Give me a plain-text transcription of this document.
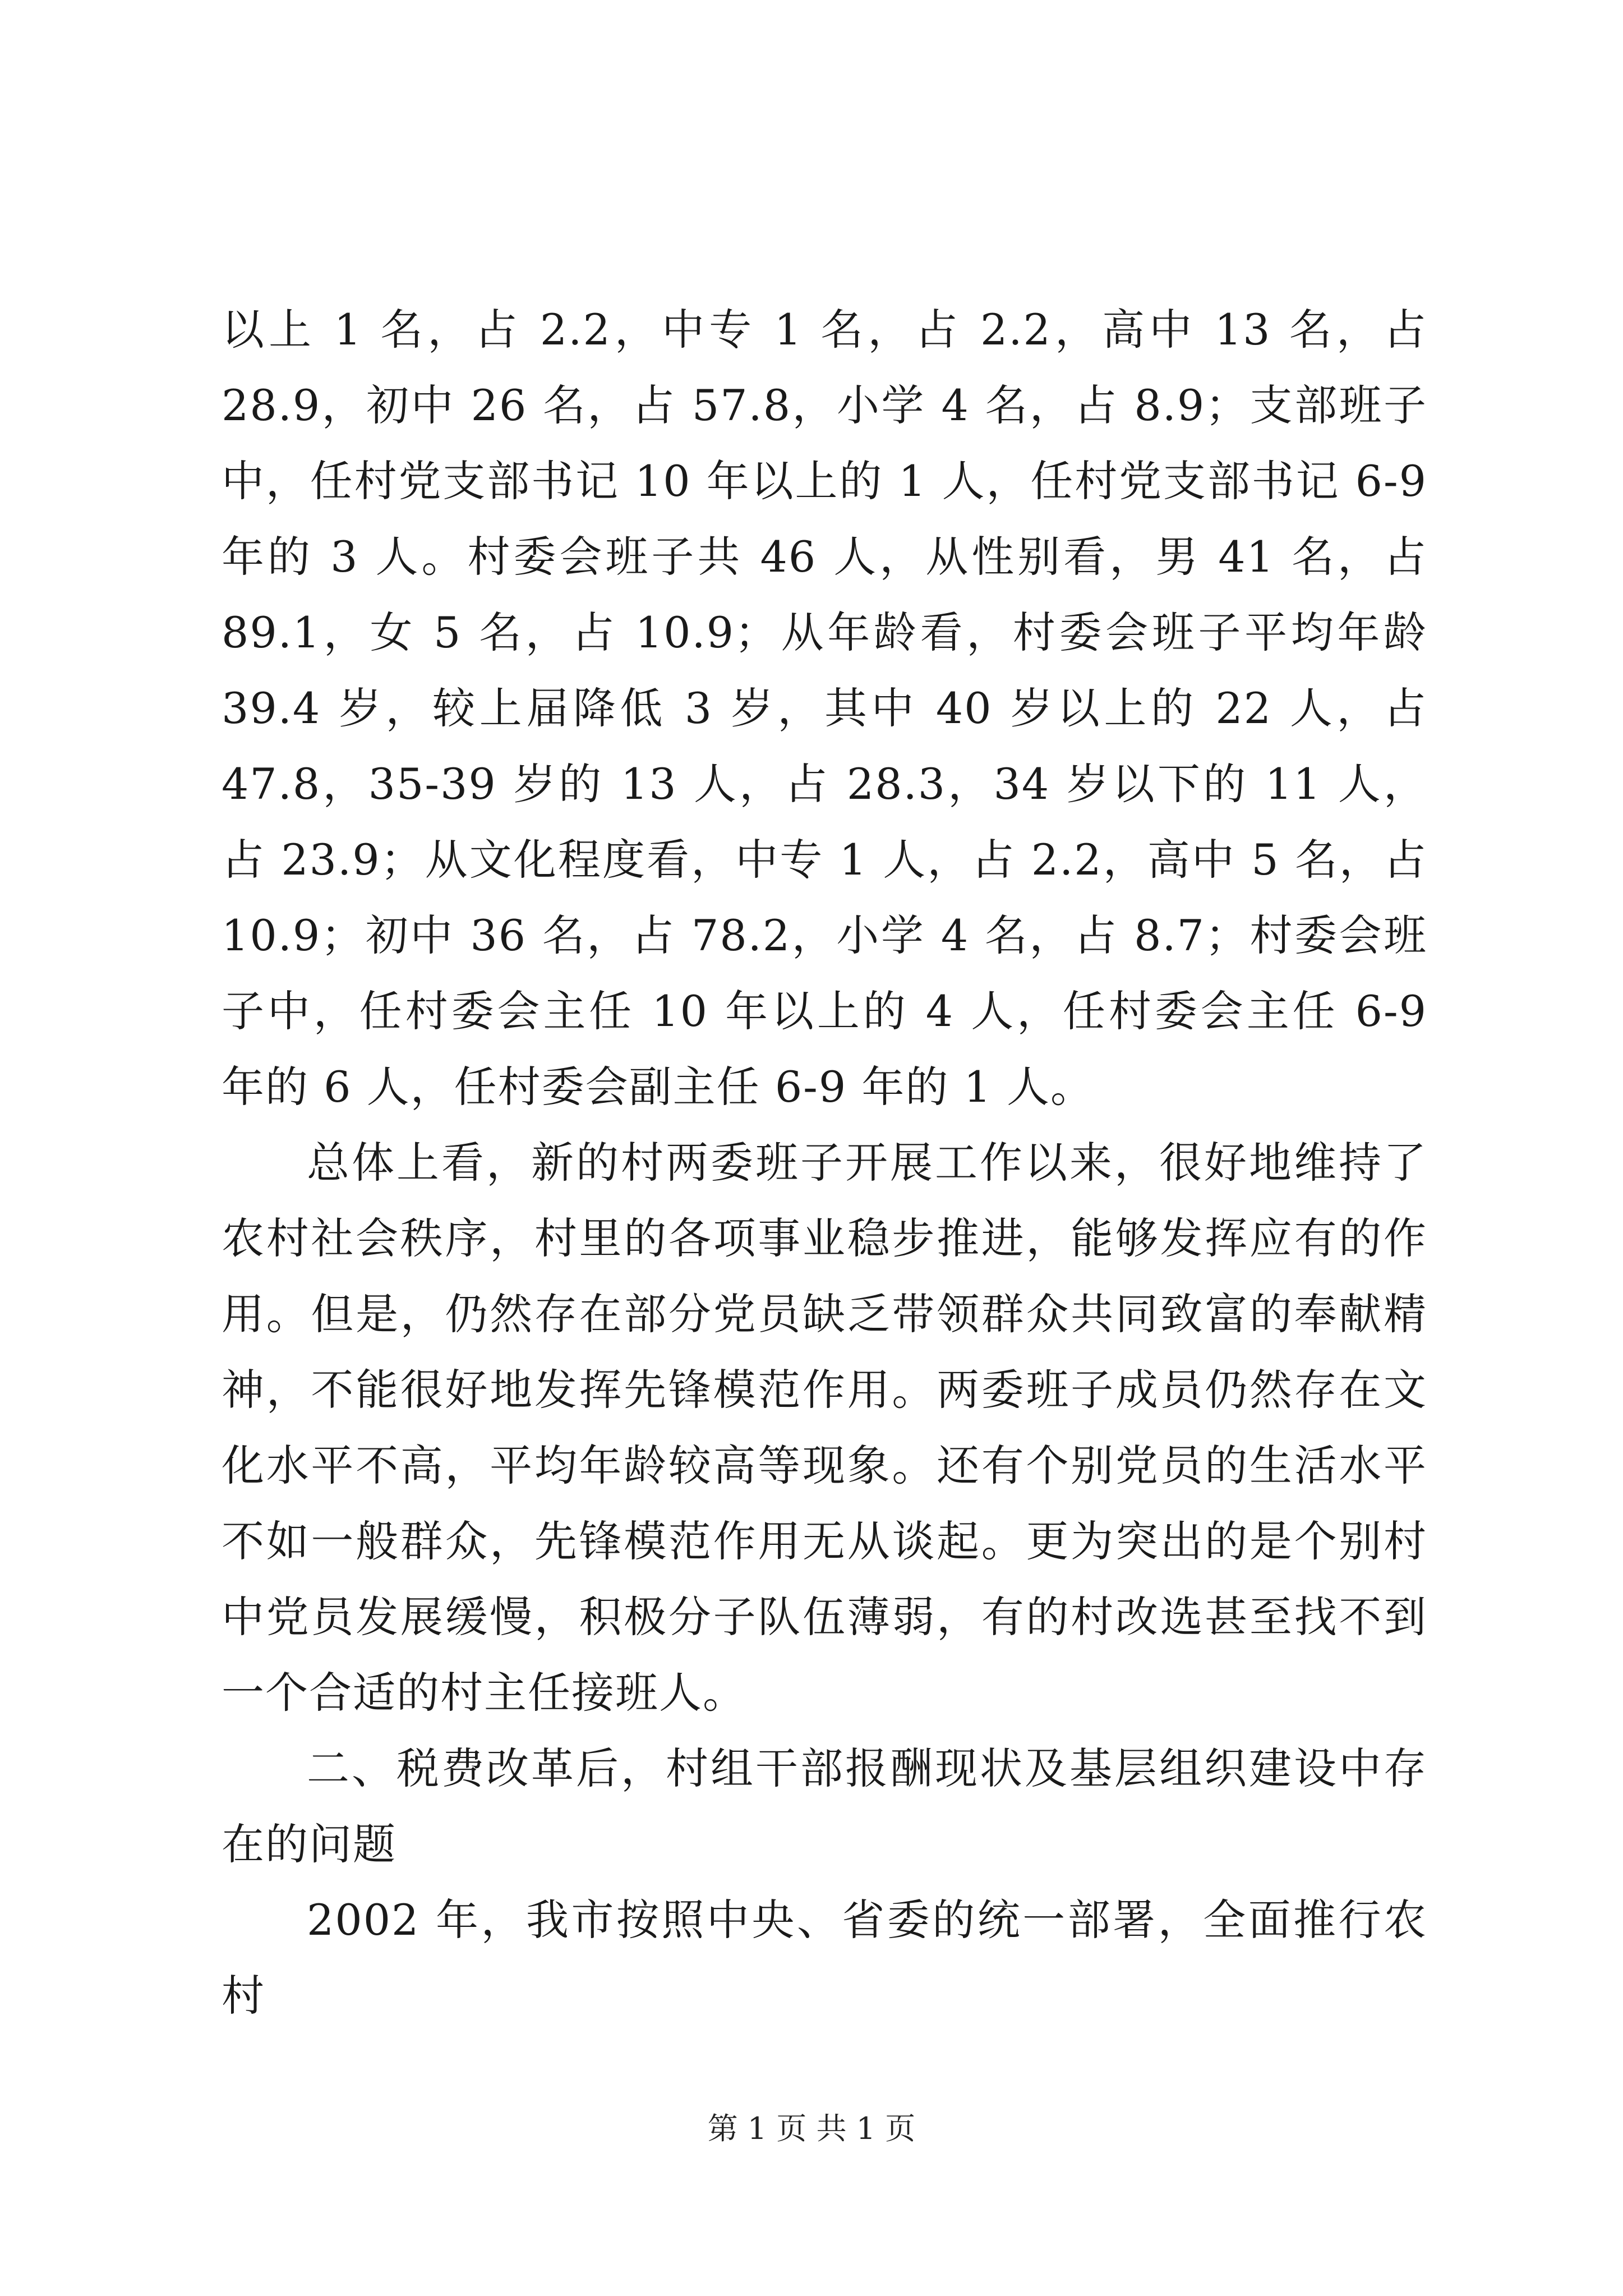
以上 1 名，占 2.2，中专 1 名，占 2.2，高中 13 名，占 28.9，初中 26 名，占 57.8，小学 4 名，占 8.9；支部班子中，任村党支部书记 10 年以上的 1 人，任村党支部书记 6-9 年的 3 人。村委会班子共 46 人，从性别看，男 41 名，占 89.1，女 5 名，占 10.9；从年龄看，村委会班子平均年龄 39.4 岁，较上届降低 3 岁，其中 40 岁以上的 22 人，占 47.8，35-39 岁的 13 人，占 28.3，34 岁以下的 11 人，占 23.9；从文化程度看，中专 1 人，占 2.2，高中 5 名，占 10.9；初中 36 名，占 78.2，小学 4 名，占 8.7；村委会班子中，任村委会主任 10 年以上的 4 人，任村委会主任 6-9 年的 6 人，任村委会副主任 6-9 年的 1 人。

总体上看，新的村两委班子开展工作以来，很好地维持了农村社会秩序，村里的各项事业稳步推进，能够发挥应有的作用。但是，仍然存在部分党员缺乏带领群众共同致富的奉献精神，不能很好地发挥先锋模范作用。两委班子成员仍然存在文化水平不高，平均年龄较高等现象。还有个别党员的生活水平不如一般群众，先锋模范作用无从谈起。更为突出的是个别村中党员发展缓慢，积极分子队伍薄弱，有的村改选甚至找不到一个合适的村主任接班人。

二、税费改革后，村组干部报酬现状及基层组织建设中存在的问题

2002 年，我市按照中央、省委的统一部署，全面推行农村

第 1 页 共 1 页
